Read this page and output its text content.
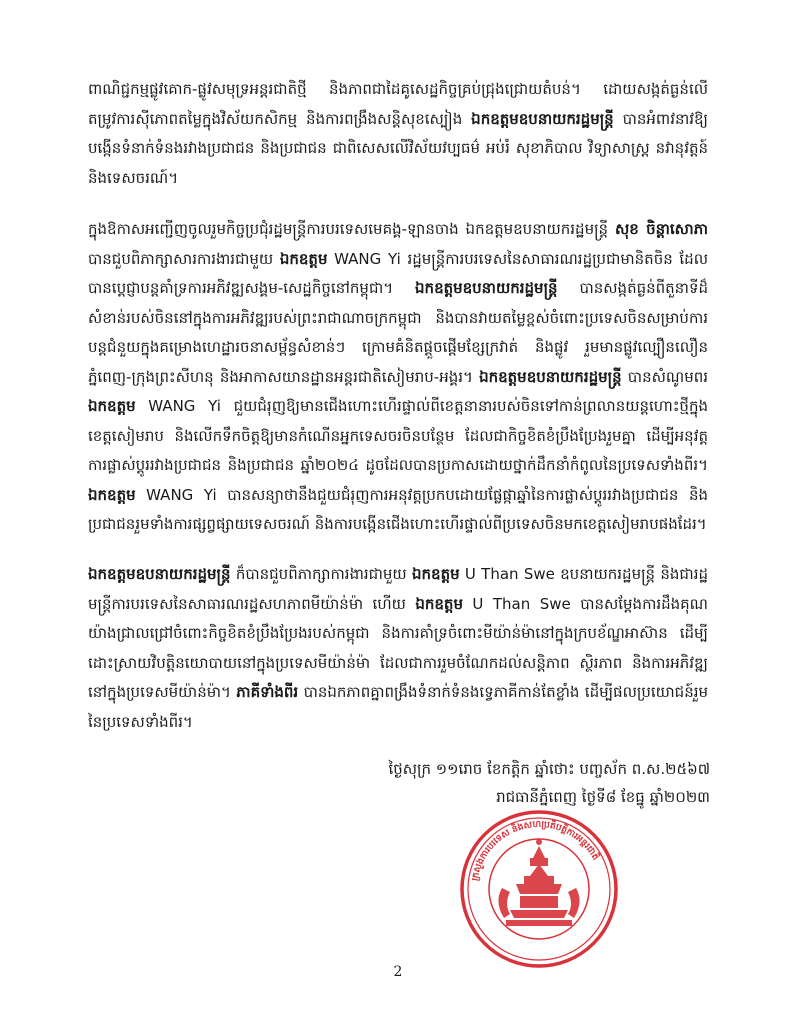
ពាណិជ្ជកម្មផ្លូវគោក-ផ្លូវសមុទ្រអន្តរជាតិថ្មី និងភាពជាដៃគូសេដ្ឋកិច្ចគ្រប់ជ្រុងជ្រោយតំបន់។ ដោយសង្កត់ធ្ងន់លើតម្រូវការស៊ីភោពតម្លៃក្នុងវិស័យកសិកម្ម និងការពង្រឹងសន្តិសុខស្បៀង ឯកឧត្តមឧបនាយករដ្ឋមន្ត្រី បានអំពាវនាវឱ្យបង្កើនទំនាក់ទំនងរវាងប្រជាជន និងប្រជាជន ជាពិសេសលើវិស័យវប្បធម៌ អប់រំ សុខាភិបាល វិទ្យាសាស្ត្រ នវានុវត្តន៍ និងទេសចរណ៍។

ក្នុងឱកាសអញ្ជើញចូលរួមកិច្ចប្រជុំរដ្ឋមន្ត្រីការបរទេសមេគង្គ-ឡានចាង ឯកឧត្តមឧបនាយករដ្ឋមន្ត្រី សុខ ចិន្តាសោភា បានជួបពិភាក្សាសារការងារជាមួយ ឯកឧត្តម WANG Yi រដ្ឋមន្ត្រីការបរទេសនៃសាធារណរដ្ឋប្រជាមានិតចិន ដែលបានប្តេជ្ញាបន្តគាំទ្រការអភិវឌ្ឍសង្គម-សេដ្ឋកិច្ចនៅកម្ពុជា។ ឯកឧត្តមឧបនាយករដ្ឋមន្ត្រី បានសង្កត់ធ្ងន់ពីតួនាទីដ៏សំខាន់របស់ចិននៅក្នុងការអភិវឌ្ឍរបស់ព្រះរាជាណាចក្រកម្ពុជា និងបានវាយតម្លៃខ្ពស់ចំពោះប្រទេសចិនសម្រាប់ការបន្តជំនួយក្នុងគម្រោងហេដ្ឋារចនាសម្ព័ន្ធសំខាន់ៗ ក្រោមគំនិតផ្តួចផ្តើមខ្សែក្រវាត់ និងផ្លូវ រួមមានផ្លូវល្បឿនលឿនភ្នំពេញ-ក្រុងព្រះសីហនុ និងអាកាសយានដ្ឋានអន្តរជាតិសៀមរាប-អង្គរ។ ឯកឧត្តមឧបនាយករដ្ឋមន្ត្រី បានសំណូមពរ ឯកឧត្តម WANG Yi ជួយជំរុញឱ្យមានជើងហោះហើរផ្ទាល់ពីខេត្តនានារបស់ចិនទៅកាន់ព្រលានយន្តហោះថ្មីក្នុងខេត្តសៀមរាប និងលើកទឹកចិត្តឱ្យមានកំណើនអ្នកទេសចរចិនបន្ថែម ដែលជាកិច្ចខិតខំប្រឹងប្រែងរួមគ្នា ដើម្បីអនុវត្តការផ្លាស់ប្តូររវាងប្រជាជន និងប្រជាជន ឆ្នាំ២០២៤ ដូចដែលបានប្រកាសដោយថ្នាក់ដឹកនាំកំពូលនៃប្រទេសទាំងពីរ។ ឯកឧត្តម WANG Yi បានសន្យាថានឹងជួយជំរុញការអនុវត្តប្រកបដោយផ្លែផ្កាឆ្នាំនៃការផ្លាស់ប្តូររវាងប្រជាជន និងប្រជាជនរួមទាំងការផ្សព្វផ្សាយទេសចរណ៍ និងការបង្កើនជើងហោះហើរផ្ទាល់ពីប្រទេសចិនមកខេត្តសៀមរាបផងដែរ។

ឯកឧត្តមឧបនាយករដ្ឋមន្ត្រី ក៏បានជួបពិភាក្សាការងារជាមួយ ឯកឧត្តម U Than Swe ឧបនាយករដ្ឋមន្ត្រី និងជារដ្ឋមន្ត្រីការបរទេសនៃសាធារណរដ្ឋសហភាពមីយ៉ាន់ម៉ា ហើយ ឯកឧត្តម U Than Swe បានសម្តែងការដឹងគុណយ៉ាងជ្រាលជ្រៅចំពោះកិច្ចខិតខំប្រឹងប្រែងរបស់កម្ពុជា និងការគាំទ្រចំពោះមីយ៉ាន់ម៉ានៅក្នុងក្របខ័ណ្ឌអាស៊ាន ដើម្បីដោះស្រាយវិបត្តិនយោបាយនៅក្នុងប្រទេសមីយ៉ាន់ម៉ា ដែលជាការរួមចំណែកដល់សន្តិភាព ស្ថិរភាព និងការអភិវឌ្ឍនៅក្នុងប្រទេសមីយ៉ាន់ម៉ា។ ភាគីទាំងពីរ បានឯកភាពគ្នាពង្រឹងទំនាក់ទំនងទ្វេភាគីកាន់តែខ្លាំង ដើម្បីផលប្រយោជន៍រួមនៃប្រទេសទាំងពីរ។

ថ្ងៃសុក្រ ១១រោច ខែកត្តិក ឆ្នាំថោះ បញ្ចស័ក ព.ស.២៥៦៧
រាជធានីភ្នំពេញ ថ្ងៃទី៨ ខែធ្នូ ឆ្នាំ២០២៣
ក្រសួងការបរទេស និងសហប្រតិបត្តិការអន្តរជាតិ
2
